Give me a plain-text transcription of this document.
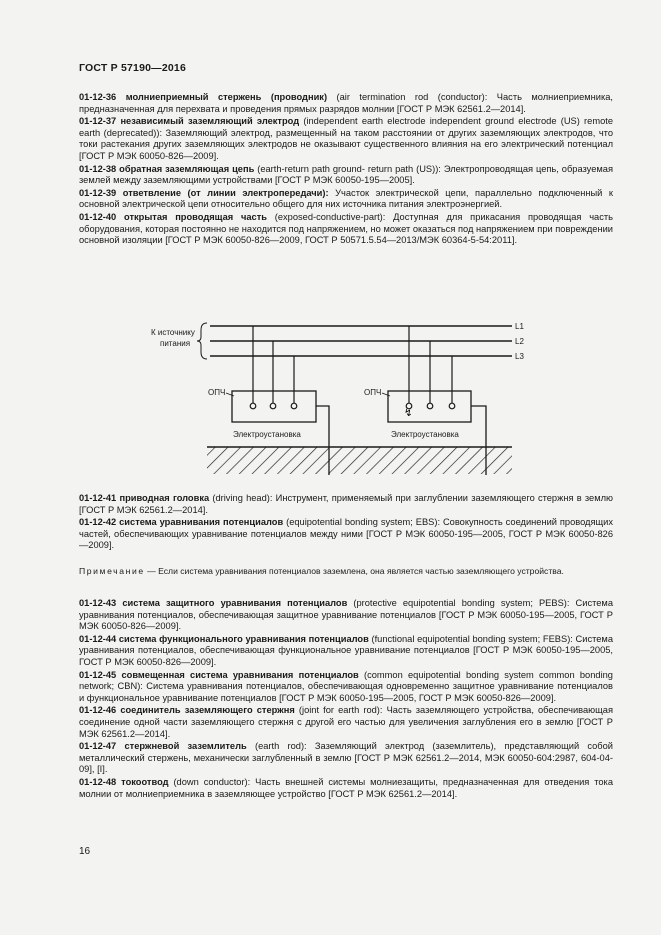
ГОСТ Р 57190—2016

01-12-36 молниеприемный стержень (проводник) (air termination rod (conductor): Часть молниеприемника, предназначенная для перехвата и проведения прямых разрядов молнии [ГОСТ Р МЭК 62561.2—2014].

01-12-37 независимый заземляющий электрод (independent earth electrode independent ground electrode (US) remote earth (deprecated)): Заземляющий электрод, размещенный на таком расстоянии от других заземляющих электродов, что токи растекания других заземляющих электродов не оказывают существенного влияния на его электрический потенциал [ГОСТ Р МЭК 60050-826—2009].

01-12-38 обратная заземляющая цепь (earth-return path ground- return path (US)): Электропроводящая цепь, образуемая землей между заземляющими устройствами [ГОСТ Р МЭК 60050-195—2005].

01-12-39 ответвление (от линии электропередачи): Участок электрической цепи, параллельно подключенный к основной электрической цепи относительно общего для них источника питания электроэнергией.

01-12-40 открытая проводящая часть (exposed-conductive-part): Доступная для прикасания проводящая часть оборудования, которая постоянно не находится под напряжением, но может оказаться под напряжением при повреждении основной изоляции [ГОСТ Р МЭК 60050-826—2009, ГОСТ Р 50571.5.54—2013/МЭК 60364-5-54:2011].

К источнику
питания
L1
L2
L3
↯
ОПЧ	ОПЧ
Электроустановка	Электроустановка

01-12-41 приводная головка (driving head): Инструмент, применяемый при заглублении заземляющего стержня в землю [ГОСТ Р МЭК 62561.2—2014].

01-12-42 система уравнивания потенциалов (equipotential bonding system; EBS): Совокупность соединений проводящих частей, обеспечивающих уравнивание потенциалов между ними [ГОСТ Р МЭК 60050-195—2005, ГОСТ Р МЭК 60050-826—2009].

Примечание — Если система уравнивания потенциалов заземлена, она является частью заземляющего устройства.

01-12-43 система защитного уравнивания потенциалов (protective equipotential bonding system; PEBS): Система уравнивания потенциалов, обеспечивающая защитное уравнивание потенциалов [ГОСТ Р МЭК 60050-195—2005, ГОСТ Р МЭК 60050-826—2009].

01-12-44 система функционального уравнивания потенциалов (functional equipotential bonding system; FEBS): Система уравнивания потенциалов, обеспечивающая функциональное уравнивание потенциалов [ГОСТ Р МЭК 60050-195—2005, ГОСТ Р МЭК 60050-826—2009].

01-12-45 совмещенная система уравнивания потенциалов (common equipotential bonding system common bonding network; CBN): Система уравнивания потенциалов, обеспечивающая одновременно защитное уравнивание потенциалов и функциональное уравнивание потенциалов [ГОСТ Р МЭК 60050-195—2005, ГОСТ Р МЭК 60050-826—2009].

01-12-46 соединитель заземляющего стержня (joint for earth rod): Часть заземляющего устройства, обеспечивающая соединение одной части заземляющего стержня с другой его частью для увеличения заглубления его в землю [ГОСТ Р МЭК 62561.2—2014].

01-12-47 стержневой заземлитель (earth rod): Заземляющий электрод (заземлитель), представляющий собой металлический стержень, механически заглубленный в землю [ГОСТ Р МЭК 62561.2—2014, МЭК 60050-604:2987, 604-04-09], [I].

01-12-48 токоотвод (down conductor): Часть внешней системы молниезащиты, предназначенная для отведения тока молнии от молниеприемника в заземляющее устройство [ГОСТ Р МЭК 62561.2—2014].

16
